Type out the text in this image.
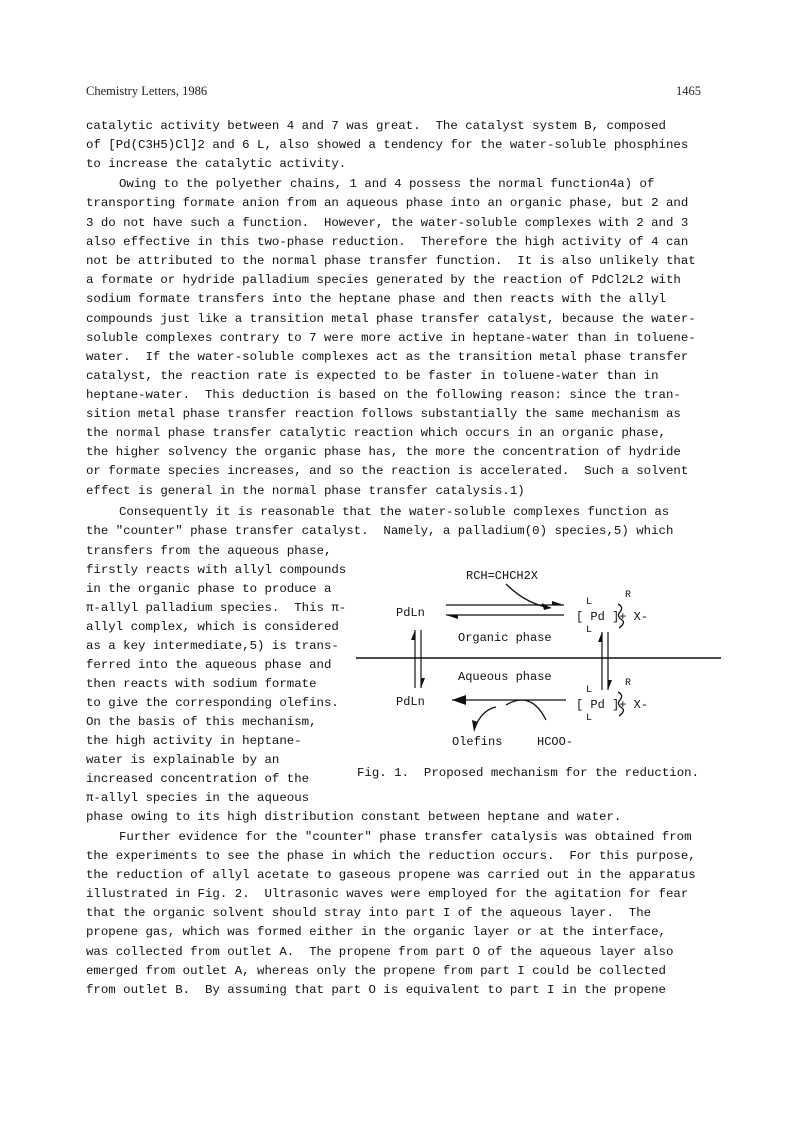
Chemistry Letters, 1986	1465
catalytic activity between 4 and 7 was great.  The catalyst system B, composed
of [Pd(C3H5)Cl]2 and 6 L, also showed a tendency for the water-soluble phosphines
to increase the catalytic activity.
Owing to the polyether chains, 1 and 4 possess the normal function4a) of
transporting formate anion from an aqueous phase into an organic phase, but 2 and
3 do not have such a function.  However, the water-soluble complexes with 2 and 3
also effective in this two-phase reduction.  Therefore the high activity of 4 can
not be attributed to the normal phase transfer function.  It is also unlikely that
a formate or hydride palladium species generated by the reaction of PdCl2L2 with
sodium formate transfers into the heptane phase and then reacts with the allyl
compounds just like a transition metal phase transfer catalyst, because the water-
soluble complexes contrary to 7 were more active in heptane-water than in toluene-
water.  If the water-soluble complexes act as the transition metal phase transfer
catalyst, the reaction rate is expected to be faster in toluene-water than in
heptane-water.  This deduction is based on the following reason: since the tran-
sition metal phase transfer reaction follows substantially the same mechanism as
the normal phase transfer catalytic reaction which occurs in an organic phase,
the higher solvency the organic phase has, the more the concentration of hydride
or formate species increases, and so the reaction is accelerated.  Such a solvent
effect is general in the normal phase transfer catalysis.1)
Consequently it is reasonable that the water-soluble complexes function as
the "counter" phase transfer catalyst.  Namely, a palladium(0) species,5) which
transfers from the aqueous phase,
firstly reacts with allyl compounds
in the organic phase to produce a
π-allyl palladium species.  This π-
allyl complex, which is considered
as a key intermediate,5) is trans-
ferred into the aqueous phase and
then reacts with sodium formate
to give the corresponding olefins.
On the basis of this mechanism,
the high activity in heptane-
water is explainable by an
increased concentration of the
π-allyl species in the aqueous
phase owing to its high distribution constant between heptane and water.
Further evidence for the "counter" phase transfer catalysis was obtained from
the experiments to see the phase in which the reduction occurs.  For this purpose,
the reduction of allyl acetate to gaseous propene was carried out in the apparatus
illustrated in Fig. 2.  Ultrasonic waves were employed for the agitation for fear
that the organic solvent should stray into part I of the aqueous layer.  The
propene gas, which was formed either in the organic layer or at the interface,
was collected from outlet A.  The propene from part O of the aqueous layer also
emerged from outlet A, whereas only the propene from part I could be collected
from outlet B.  By assuming that part O is equivalent to part I in the propene
RCH=CHCH2X
PdLn	[ Pd ]+ X-
L
L
R
Organic phase
Aqueous phase
PdLn	[ Pd ]+ X-
L
L
R
Olefins	HCOO-
Fig. 1.  Proposed mechanism for the reduction.
